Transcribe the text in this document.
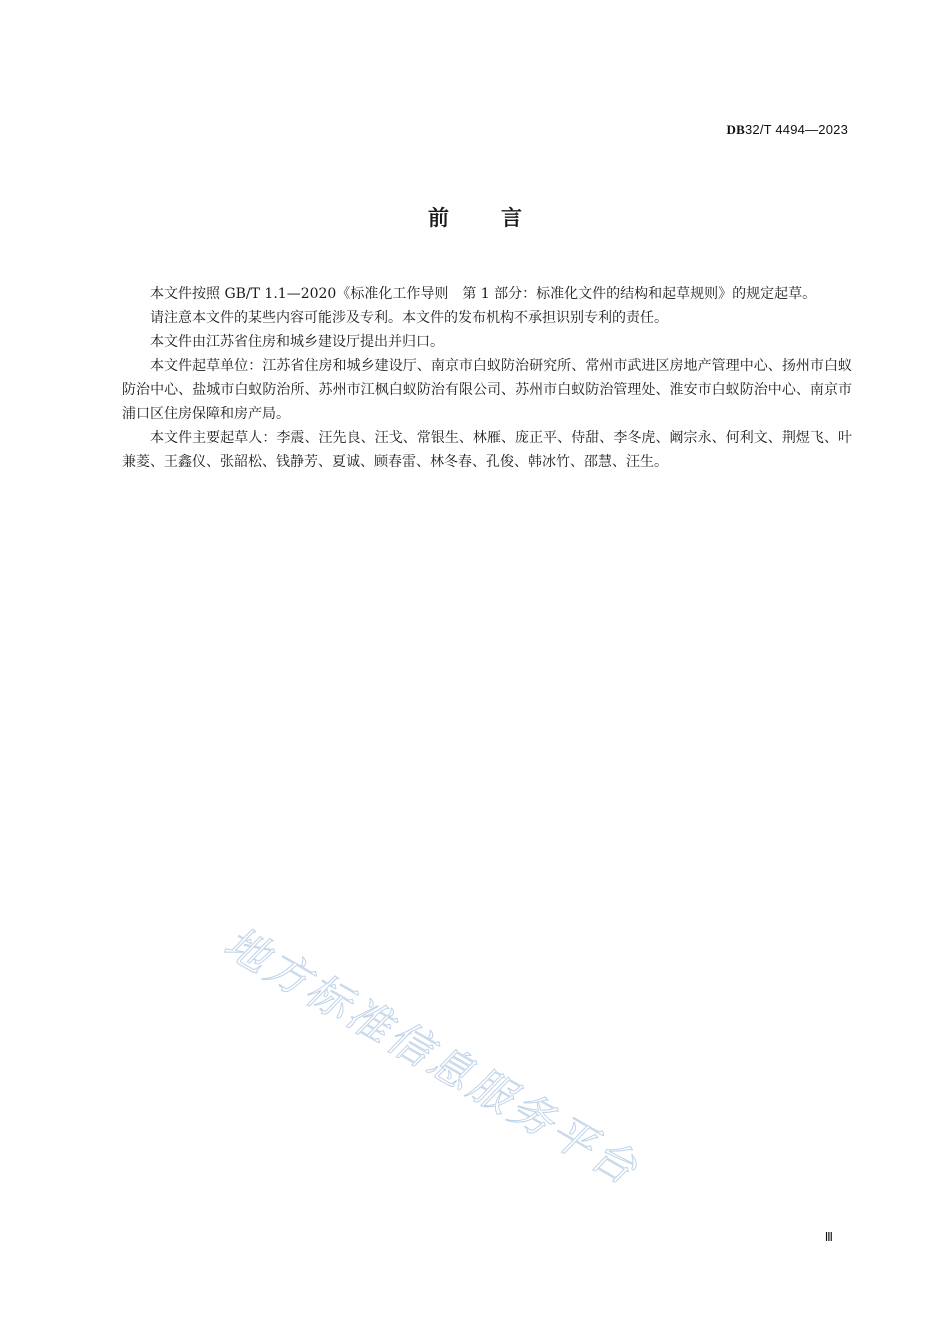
DB32/T 4494—2023
前言

本文件按照 GB/T 1.1—2020《标准化工作导则　第 1 部分：标准化文件的结构和起草规则》的规定起草。

请注意本文件的某些内容可能涉及专利。本文件的发布机构不承担识别专利的责任。

本文件由江苏省住房和城乡建设厅提出并归口。

本文件起草单位：江苏省住房和城乡建设厅、南京市白蚁防治研究所、常州市武进区房地产管理中心、扬州市白蚁防治中心、盐城市白蚁防治所、苏州市江枫白蚁防治有限公司、苏州市白蚁防治管理处、淮安市白蚁防治中心、南京市浦口区住房保障和房产局。

本文件主要起草人：李震、汪先良、汪戈、常银生、林雁、庞正平、侍甜、李冬虎、阚宗永、何利文、荆煜飞、叶兼菱、王鑫仪、张韶松、钱静芳、夏诚、顾春雷、林冬春、孔俊、韩冰竹、邵慧、汪生。

地方标准信息服务平台
Ⅲ
